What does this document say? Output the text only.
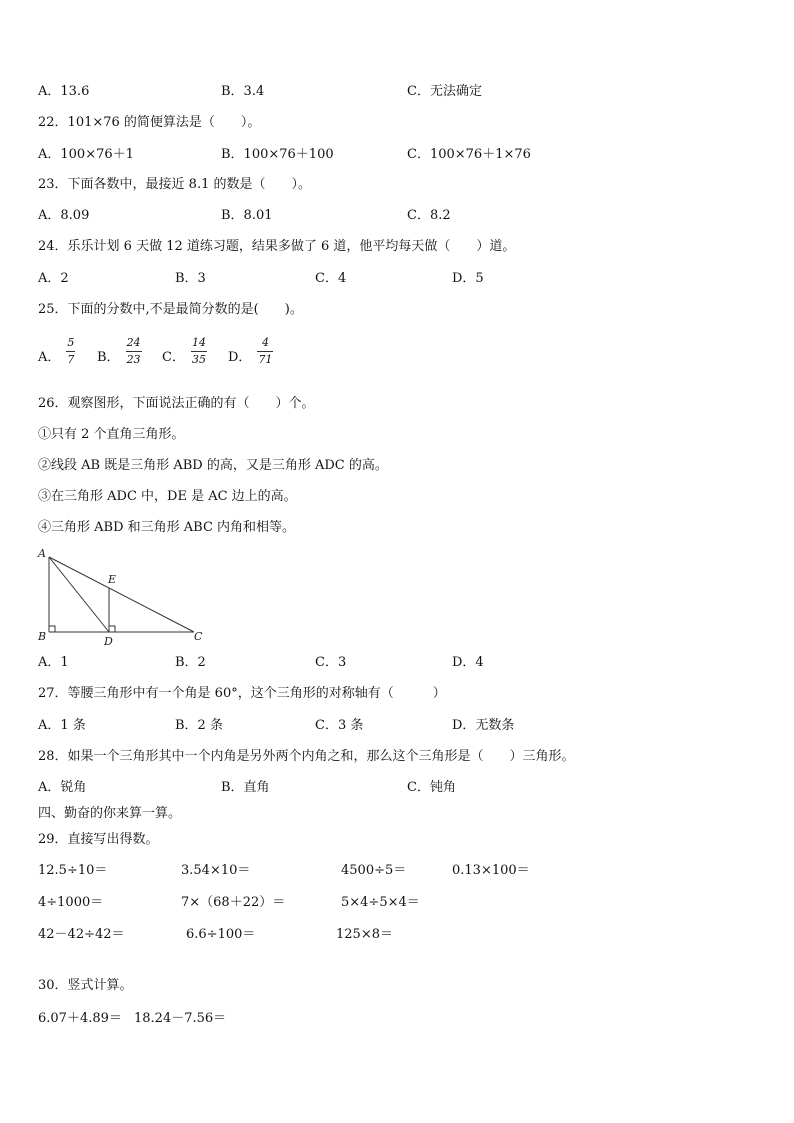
A．13.6	B．3.4	C．无法确定
22．101×76 的简便算法是（　　）。
A．100×76＋1	B．100×76＋100	C．100×76＋1×76
23．下面各数中，最接近 8.1 的数是（　　）。
A．8.09	B．8.01	C．8.2
24．乐乐计划 6 天做 12 道练习题，结果多做了 6 道，他平均每天做（　　）道。
A．2	B．3	C．4	D．5
25．下面的分数中,不是最简分数的是(　　)。
A．
5
7 B．
24
23 C．
14
35 D．
4
71
26．观察图形，下面说法正确的有（　　）个。
①只有 2 个直角三角形。
②线段 AB 既是三角形 ABD 的高，又是三角形 ADC 的高。
③在三角形 ADC 中，DE 是 AC 边上的高。
④三角形 ABD 和三角形 ABC 内角和相等。
A
B	C
D
E
A．1	B．2	C．3	D．4
27．等腰三角形中有一个角是 60°，这个三角形的对称轴有（　　　）
A．1 条	B．2 条	C．3 条	D．无数条
28．如果一个三角形其中一个内角是另外两个内角之和，那么这个三角形是（　　）三角形。
A．锐角	B．直角	C．钝角
四、勤奋的你来算一算。
29．直接写出得数。
12.5÷10＝	3.54×10＝	4500÷5＝	0.13×100＝
4÷1000＝	7×（68＋22）＝	5×4÷5×4＝
42－42÷42＝	6.6÷100＝	125×8＝
30．竖式计算。
6.07＋4.89＝ 18.24－7.56＝
